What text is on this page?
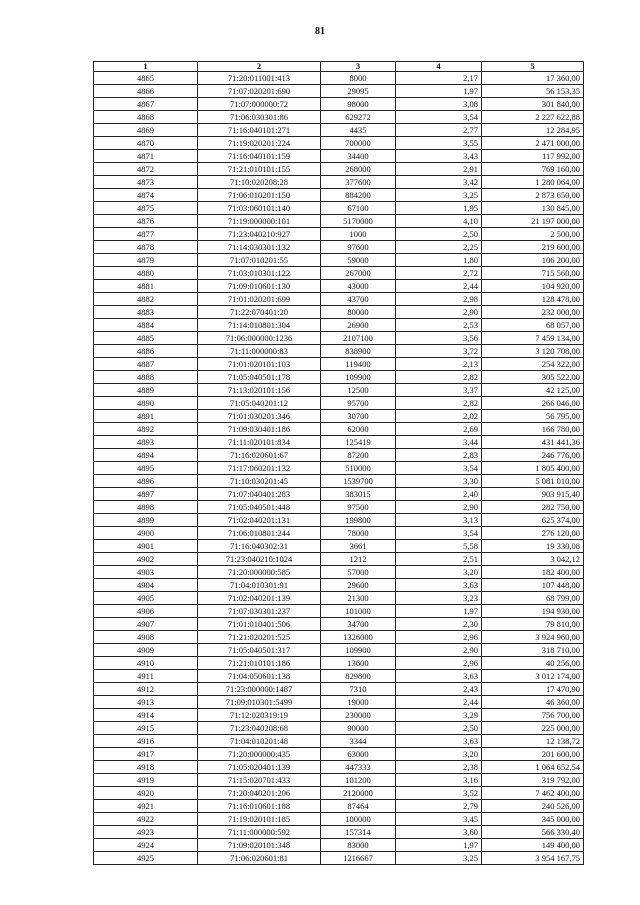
81
1	2	3	4	5
4865	71:20:011001:413	8000	2,17	17 360,00
4866	71:07:020201:690	29095	1,97	56 153,35
4867	71:07:000000:72	98000	3,08	301 840,00
4868	71:06:030301:86	629272	3,54	2 227 622,88
4869	71:16:040101:271	4435	2,77	12 284,95
4870	71:19:020201:224	700000	3,55	2 471 000,00
4871	71:16:040101:159	34400	3,43	117 992,00
4872	71:21:010101:155	268000	2,91	769 160,00
4873	71:10:020208:28	377600	3,42	1 280 064,00
4874	71:06:010201:150	884200	3,25	2 873 650,00
4875	71:03:060101:140	67100	1,95	130 845,00
4876	71:19:000000:101	5170000	4,10	21 197 000,00
4877	71:23:040210:927	1000	2,50	2 500,00
4878	71:14:030301:132	97600	2,25	219 600,00
4879	71:07:010201:55	59000	1,80	106 200,00
4880	71:03:010301:122	267000	2,72	715 560,00
4881	71:09:010601:130	43000	2,44	104 920,00
4882	71:01:020201:699	43700	2,98	128 478,00
4883	71:22:070401:20	80000	2,90	232 000,00
4884	71:14:010801:304	26900	2,53	68 057,00
4885	71:06:000000:1236	2107100	3,56	7 459 134,00
4886	71:11:000000:83	838900	3,72	3 120 708,00
4887	71:01:020101:103	119400	2,13	254 322,00
4888	71:05:040501:178	109900	2,82	305 522,00
4889	71:13:020101:156	12500	3,37	42 125,00
4890	71:05:040201:12	95700	2,82	266 046,00
4891	71:01:030201:346	30700	2,02	56 795,00
4892	71:09:030401:186	62000	2,69	166 780,00
4893	71:11:020101:834	125419	3,44	431 441,36
4894	71:16:020601:67	87200	2,83	246 776,00
4895	71:17:060201:132	510000	3,54	1 805 400,00
4896	71:10:030201:45	1539700	3,30	5 081 010,00
4897	71:07:040401:283	383015	2,40	903 915,40
4898	71:05:040501:448	97500	2,90	282 750,00
4899	71:02:040201:131	199800	3,13	625 374,00
4900	71:06:010801:244	78000	3,54	276 120,00
4901	71:16:040302:31	3661	5,58	19 330,08
4902	71:23:040210:1024	1212	2,51	3 042,12
4903	71:20:000000:585	57000	3,20	182 400,00
4904	71:04:010301:91	29600	3,63	107 448,00
4905	71:02:040201:139	21300	3,23	68 799,00
4906	71:07:030301:237	101000	1,97	194 930,00
4907	71:01:010401:506	34700	2,30	79 810,00
4908	71:21:020201:525	1326000	2,96	3 924 960,00
4909	71:05:040501:317	109900	2,90	318 710,00
4910	71:21:010101:186	13600	2,96	40 256,00
4911	71:04:050601:138	829800	3,63	3 012 174,00
4912	71:23:000000:1487	7310	2,43	17 470,90
4913	71:09:010301:5499	19000	2,44	46 360,00
4914	71:12:020319:19	230000	3,29	756 700,00
4915	71:23:040208:68	90000	2,50	225 000,00
4916	71:04:010201:48	3344	3,63	12 138,72
4917	71:20:000000:435	63000	3,20	201 600,00
4918	71:05:020401:139	447333	2,38	1 064 652,54
4919	71:15:020701:433	101200	3,16	319 792,00
4920	71:20:040201:206	2120000	3,52	7 462 400,00
4921	71:16:010601:188	87464	2,79	240 526,00
4922	71:19:020101:185	100000	3,45	345 000,00
4923	71:11:000000:592	157314	3,60	566 330,40
4924	71:09:020101:348	83000	1,97	149 400,00
4925	71:06:020601:81	1216667	3,25	3 954 167,75
